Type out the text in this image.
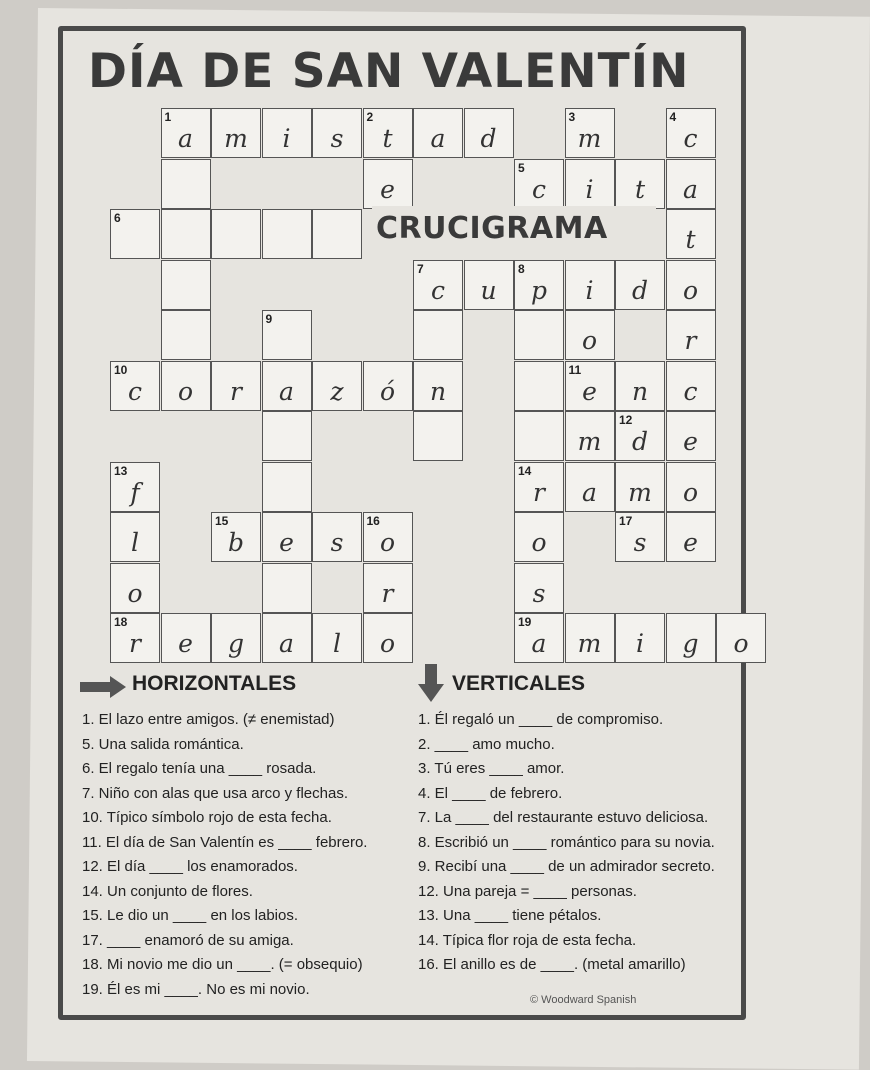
DÍA DE SAN VALENTÍN
1
a	m	i	s
2
t	a	d
3
m
4
c
e
5
c	i	t	a
6
t
7
c	u
8
p	i	d	o
9
o	r
10
c	o	r	a	z	ó	n
11
e	n	c
m
12
d	e
13
f
14
r	a	m	o
l
15
b	e	s
16
o	o
17
s	e
o	r	s
18
r	e	g	a	l	o
19
a	m	i	g	o
CRUCIGRAMA
HORIZONTALES	VERTICALES
1. El lazo entre amigos. (≠ enemistad)
5. Una salida romántica.
6. El regalo tenía una ____ rosada.
7. Niño con alas que usa arco y flechas.
10. Típico símbolo rojo de esta fecha.
11. El día de San Valentín es ____ febrero.
12. El día ____ los enamorados.
14. Un conjunto de flores.
15. Le dio un ____ en los labios.
17. ____ enamoró de su amiga.
18. Mi novio me dio un ____. (= obsequio)
19. Él es mi ____. No es mi novio.
1. Él regaló un ____ de compromiso.
2. ____ amo mucho.
3. Tú eres ____ amor.
4. El ____ de febrero.
7. La ____ del restaurante estuvo deliciosa.
8. Escribió un ____ romántico para su novia.
9. Recibí una ____ de un admirador secreto.
12. Una pareja = ____ personas.
13. Una ____ tiene pétalos.
14. Típica flor roja de esta fecha.
16. El anillo es de ____. (metal amarillo)
© Woodward Spanish
